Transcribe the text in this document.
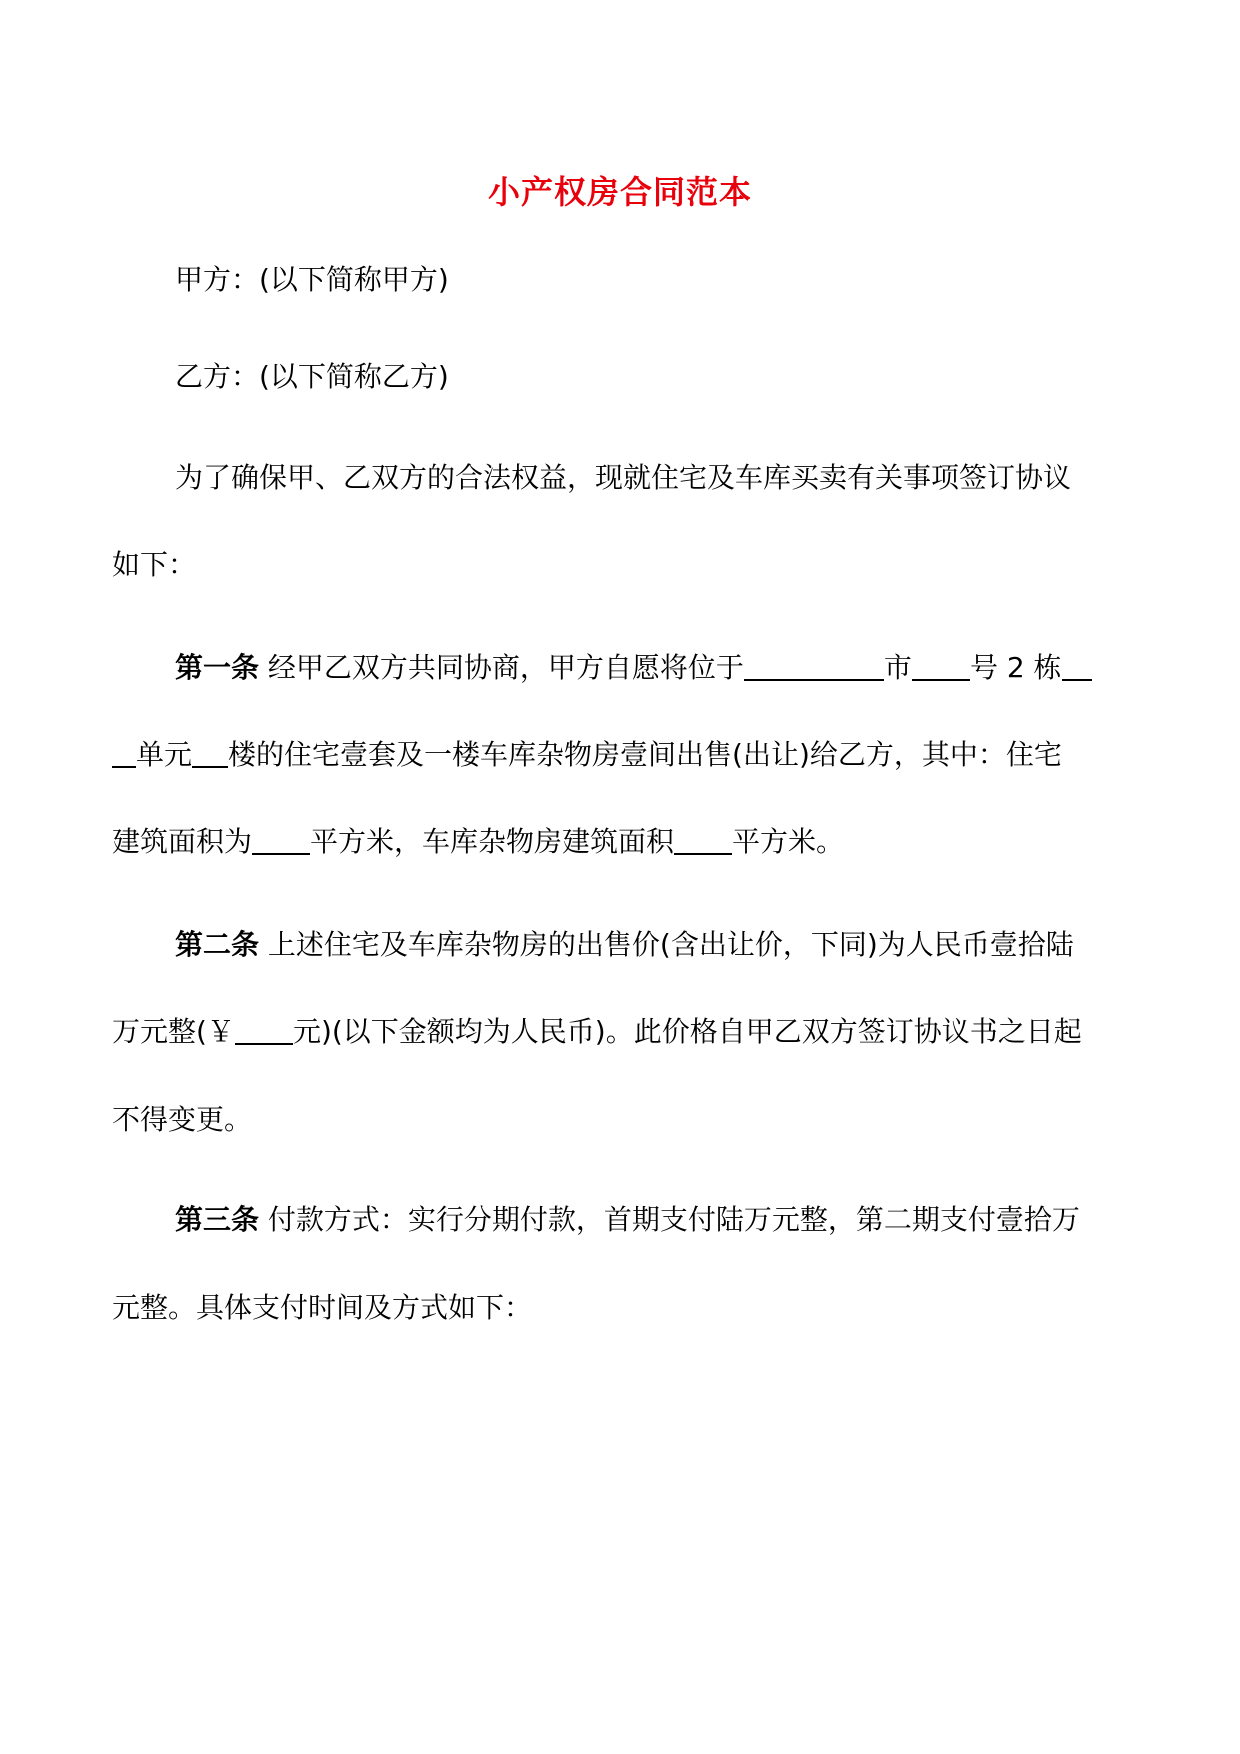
小产权房合同范本
甲方：(以下简称甲方)
乙方：(以下简称乙方)
为了确保甲、乙双方的合法权益，现就住宅及车库买卖有关事项签订协议
如下：
第一条 经甲乙双方共同协商，甲方自愿将位于	市 号 2 栋
单元 楼的住宅壹套及一楼车库杂物房壹间出售(出让)给乙方，其中：住宅
建筑面积为 平方米，车库杂物房建筑面积 平方米。
第二条 上述住宅及车库杂物房的出售价(含出让价，下同)为人民币壹拾陆
万元整(￥ 元)(以下金额均为人民币)。此价格自甲乙双方签订协议书之日起
不得变更。
第三条 付款方式：实行分期付款，首期支付陆万元整，第二期支付壹拾万
元整。具体支付时间及方式如下：
